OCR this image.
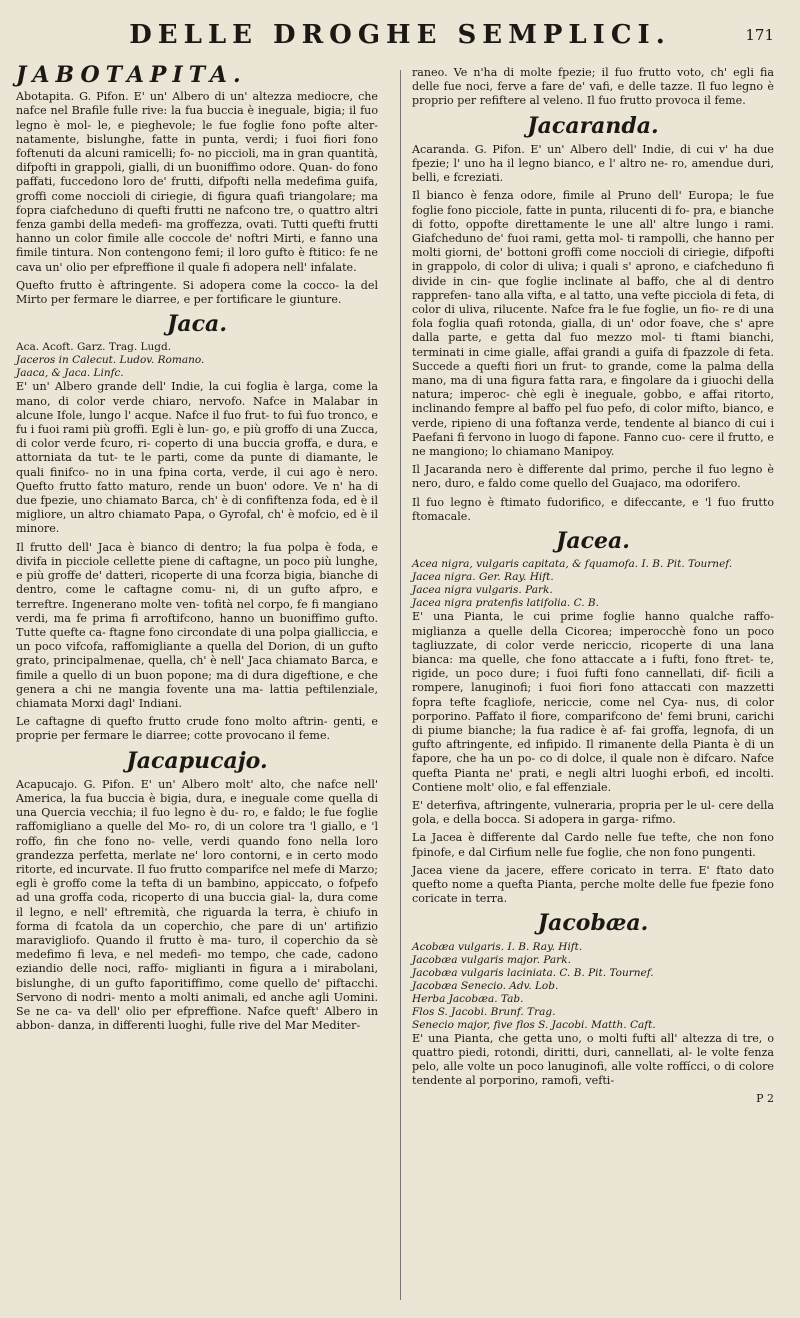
DELLE DROGHE SEMPLICI.	171
JABOTAPITA.

Abotapita. G. Pifon. E' un' Albero di un' altezza mediocre, che nafce nel Brafile fulle rive: la fua buccia è ineguale, bigia; il fuo legno è mol- le, e pieghevole; le fue foglie fono pofte alter- natamente, bislunghe, fatte in punta, verdi; i fuoi fiori fono foftenuti da alcuni ramicelli; fo- no piccioli, ma in gran quantità, difpofti in grappoli, gialli, di un buoniffimo odore. Quan- do fono paffati, fuccedono loro de' frutti, difpofti nella medefima guifa, groffi come noccioli di ciriegie, di figura quafi triangolare; ma fopra ciafcheduno di quefti frutti ne nafcono tre, o quattro altri fenza gambi della medefi- ma groffezza, ovati. Tutti quefti frutti hanno un color fimile alle coccole de' noftri Mirti, e fanno una fimile tintura. Non contengono femi; il loro gufto è ftitico: fe ne cava un' olio per efpreffione il quale fi adopera nell' infalate.

Quefto frutto è aftringente. Si adopera come la cocco- la del Mirto per fermare le diarree, e per fortificare le giunture.

Jaca.

Aca. Acoft. Garz. Trag. Lugd.

Jaceros in Calecut. Ludov. Romano.

Jaaca, & Jaca. Linfc.

E' un' Albero grande dell' Indie, la cui foglia è larga, come la mano, di color verde chiaro, nervofo. Nafce in Malabar in alcune Ifole, lungo l' acque. Nafce il fuo frut- to fuì fuo tronco, e fu i fuoi rami più groffi. Egli è lun- go, e più groffo di una Zucca, di color verde fcuro, ri- coperto di una buccia groffa, e dura, e attorniata da tut- te le parti, come da punte di diamante, le quali finifco- no in una fpina corta, verde, il cui ago è nero. Quefto frutto fatto maturo, rende un buon' odore. Ve n' ha di due fpezie, uno chiamato Barca, ch' è di confiftenza foda, ed è il migliore, un altro chiamato Papa, o Gyrofal, ch' è mofcio, ed è il minore.

Il frutto dell' Jaca è bianco di dentro; la fua polpa è foda, e divifa in picciole cellette piene di caftagne, un poco più lunghe, e più groffe de' datteri, ricoperte di una fcorza bigia, bianche di dentro, come le caftagne comu- ni, di un gufto afpro, e terreftre. Ingenerano molte ven- tofità nel corpo, fe fi mangiano verdi, ma fe prima fi arroftifcono, hanno un buoniffimo gufto. Tutte quefte ca- ftagne fono circondate di una polpa gialliccia, e un poco vifcofa, raffomigliante a quella del Dorion, di un gufto grato, principalmenae, quella, ch' è nell' Jaca chiamato Barca, e fimile a quello di un buon popone; ma di dura digeftione, e che genera a chi ne mangia fovente una ma- lattia peftilenziale, chiamata Morxi dagl' Indiani.

Le caftagne di quefto frutto crude fono molto aftrin- genti, e proprie per fermare le diarree; cotte provocano il feme.

Jacapucajo.

Acapucajo. G. Pifon. E' un' Albero molt' alto, che nafce nell' America, la fua buccia è bigia, dura, e ineguale come quella di una Quercia vecchia; il fuo legno è du- ro, e faldo; le fue foglie raffomigliano a quelle del Mo- ro, di un colore tra 'l giallo, e 'l roffo, fin che fono no- velle, verdi quando fono nella loro grandezza perfetta, merlate ne' loro contorni, e in certo modo ritorte, ed incurvate. Il fuo frutto comparifce nel mefe di Marzo; egli è groffo come la tefta di un bambino, appiccato, o fofpefo ad una groffa coda, ricoperto di una buccia gial- la, dura come il legno, e nell' eftremità, che riguarda la terra, è chiufo in forma di fcatola da un coperchio, che pare di un' artifizio maravigliofo. Quando il frutto è ma- turo, il coperchio da sè medefimo fi leva, e nel medefi- mo tempo, che cade, cadono eziandio delle noci, raffo- miglianti in figura a i mirabolani, bislunghe, di un gufto faporitiffimo, come quello de' piftacchi. Servono di nodri- mento a molti animali, ed anche agli Uomini. Se ne ca- va dell' olio per efpreffione. Nafce queft' Albero in abbon- danza, in differenti luoghi, fulle rive del Mar Mediter-

raneo. Ve n'ha di molte fpezie; il fuo frutto voto, ch' egli fia delle fue noci, ferve a fare de' vafi, e delle tazze. Il fuo legno è proprio per refiftere al veleno. Il fuo frutto provoca il feme.

Jacaranda.

Acaranda. G. Pifon. E' un' Albero dell' Indie, di cui v' ha due fpezie; l' uno ha il legno bianco, e l' altro ne- ro, amendue duri, belli, e fcreziati.

Il bianco è fenza odore, fimile al Pruno dell' Europa; le fue foglie fono picciole, fatte in punta, rilucenti di fo- pra, e bianche di fotto, oppofte direttamente le une all' altre lungo i rami. Giafcheduno de' fuoi rami, getta mol- ti rampolli, che hanno per molti giorni, de' bottoni groffi come noccioli di ciriegie, difpofti in grappolo, di color di uliva; i quali s' aprono, e ciafcheduno fi divide in cin- que foglie inclinate al baffo, che al di dentro rapprefen- tano alla vifta, e al tatto, una vefte picciola di feta, di color di uliva, rilucente. Nafce fra le fue foglie, un fio- re di una fola foglia quafi rotonda, gialla, di un' odor foave, che s' apre dalla parte, e getta dal fuo mezzo mol- ti ftami bianchi, terminati in cime gialle, affai grandi a guifa di fpazzole di feta. Succede a quefti fiori un frut- to grande, come la palma della mano, ma di una figura fatta rara, e fingolare da i giuochi della natura; imperoc- chè egli è ineguale, gobbo, e affai ritorto, inclinando fempre al baffo pel fuo pefo, di color mifto, bianco, e verde, ripieno di una foftanza verde, tendente al bianco di cui i Paefani fi fervono in luogo di fapone. Fanno cuo- cere il frutto, e ne mangiono; lo chiamano Manipoy.

Il Jacaranda nero è differente dal primo, perche il fuo legno è nero, duro, e faldo come quello del Guajaco, ma odorifero.

Il fuo legno è ftimato fudorifico, e difeccante, e 'l fuo frutto ftomacale.

Jacea.

Acea nigra, vulgaris capitata, & fquamofa. I. B. Pit. Tournef.

Jacea nigra. Ger. Ray. Hift.

Jacea nigra vulgaris. Park.

Jacea nigra pratenfis latifolia. C. B.

E' una Pianta, le cui prime foglie hanno qualche raffo- miglianza a quelle della Cicorea; imperocchè fono un poco tagliuzzate, di color verde nericcio, ricoperte di una lana bianca: ma quelle, che fono attaccate a i fufti, fono ftret- te, rigide, un poco dure; i fuoi fufti fono cannellati, dif- ficili a rompere, lanuginofi; i fuoi fiori fono attaccati con mazzetti fopra tefte fcagliofe, nericcie, come nel Cya- nus, di color porporino. Paffato il fiore, comparifcono de' femi bruni, carichi di piume bianche; la fua radice è af- fai groffa, legnofa, di un gufto aftringente, ed infipido. Il rimanente della Pianta è di un fapore, che ha un po- co di dolce, il quale non è difcaro. Nafce quefta Pianta ne' prati, e negli altri luoghi erbofi, ed incolti. Contiene molt' olio, e fal effenziale.

E' deterfiva, aftringente, vulneraria, propria per le ul- cere della gola, e della bocca. Si adopera in garga- rifmo.

La Jacea è differente dal Cardo nelle fue tefte, che non fono fpinofe, e dal Cirfium nelle fue foglie, che non fono pungenti.

Jacea viene da jacere, effere coricato in terra. E' ftato dato quefto nome a quefta Pianta, perche molte delle fue fpezie fono coricate in terra.

Jacobæa.

Acobæa vulgaris. I. B. Ray. Hift.

Jacobæa vulgaris major. Park.

Jacobæa vulgaris laciniata. C. B. Pit. Tournef.

Jacobæa Senecio. Adv. Lob.

Herba Jacobæa. Tab.

Flos S. Jacobi. Brunf. Trag.

Senecio major, five flos S. Jacobi. Matth. Caft.

E' una Pianta, che getta uno, o molti fufti all' altezza di tre, o quattro piedi, rotondi, diritti, duri, cannellati, al- le volte fenza pelo, alle volte un poco lanuginofi, alle volte roffícci, o di colore tendente al porporino, ramofi, vefti-

P 2
